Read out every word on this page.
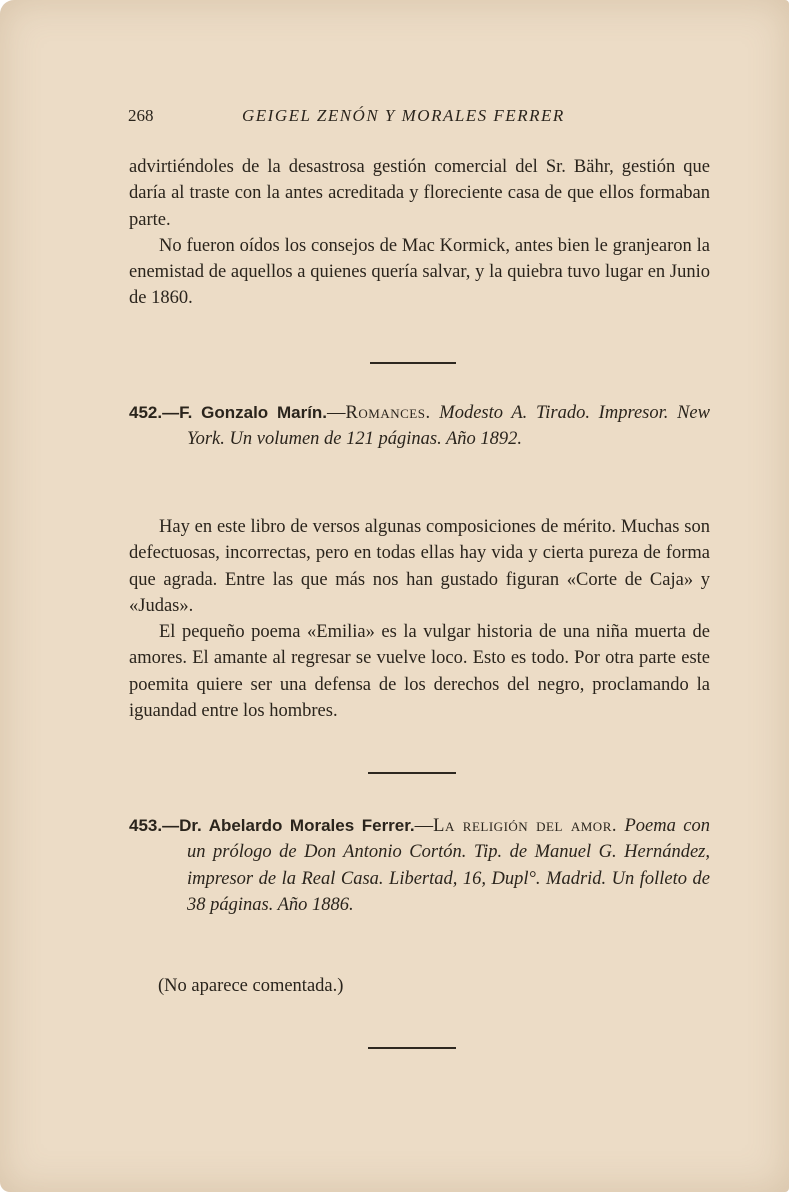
268	GEIGEL ZENÓN Y MORALES FERRER

advirtiéndoles de la desastrosa gestión comercial del Sr. Bähr, gestión que daría al traste con la antes acreditada y floreciente casa de que ellos formaban parte.

No fueron oídos los consejos de Mac Kormick, antes bien le granjearon la enemistad de aquellos a quienes quería salvar, y la quiebra tuvo lugar en Junio de 1860.

452.—F. Gonzalo Marín.—Romances. Modesto A. Tirado. Impresor. New York. Un volumen de 121 páginas. Año 1892.

Hay en este libro de versos algunas composiciones de mérito. Muchas son defectuosas, incorrectas, pero en todas ellas hay vida y cierta pureza de forma que agrada. Entre las que más nos han gustado figuran «Corte de Caja» y «Judas».

El pequeño poema «Emilia» es la vulgar historia de una niña muerta de amores. El amante al regresar se vuelve loco. Esto es todo. Por otra parte este poemita quiere ser una defensa de los derechos del negro, proclamando la iguandad entre los hombres.

453.—Dr. Abelardo Morales Ferrer.—La religión del amor. Poema con un prólogo de Don Antonio Cortón. Tip. de Manuel G. Hernández, impresor de la Real Casa. Libertad, 16, Dupl°. Madrid. Un folleto de 38 páginas. Año 1886.

(No aparece comentada.)
